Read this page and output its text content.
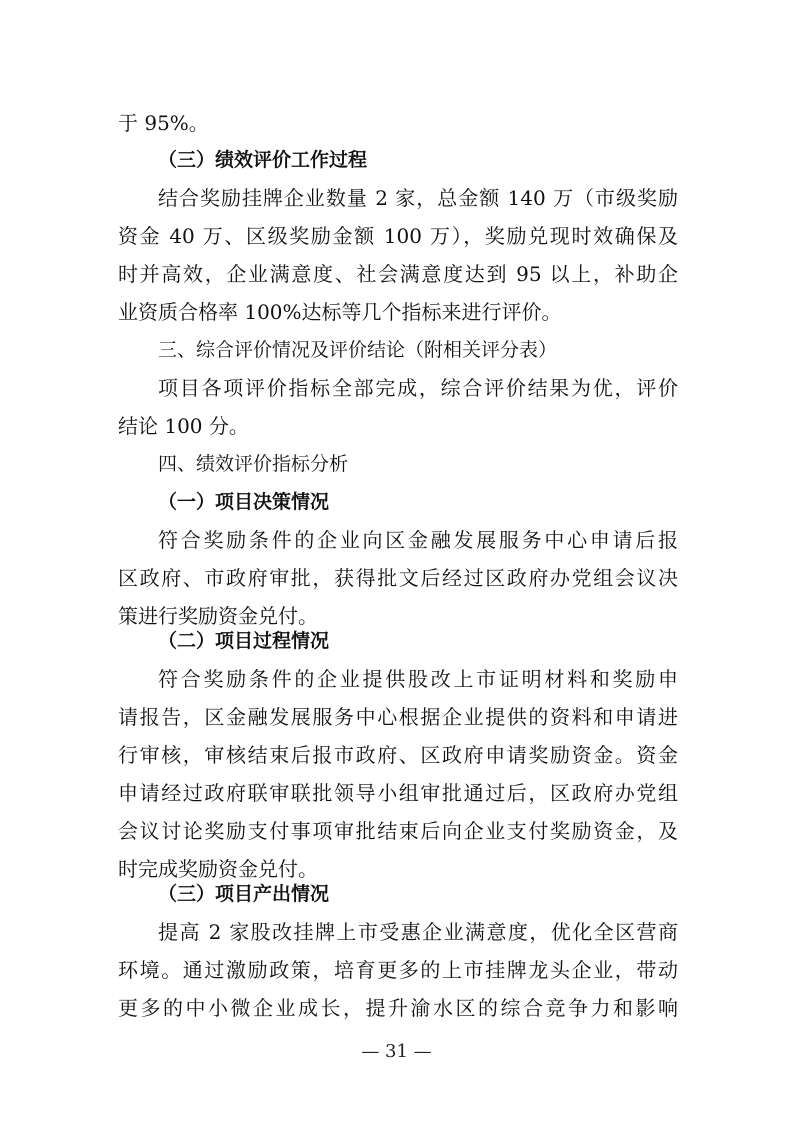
于 95%。
（三）绩效评价工作过程
结合奖励挂牌企业数量 2 家，总金额 140 万（市级奖励
资金 40 万、区级奖励金额 100 万），奖励兑现时效确保及
时并高效，企业满意度、社会满意度达到 95 以上，补助企
业资质合格率 100%达标等几个指标来进行评价。
三、综合评价情况及评价结论（附相关评分表）
项目各项评价指标全部完成，综合评价结果为优，评价
结论 100 分。
四、绩效评价指标分析
（一）项目决策情况
符合奖励条件的企业向区金融发展服务中心申请后报
区政府、市政府审批，获得批文后经过区政府办党组会议决
策进行奖励资金兑付。
（二）项目过程情况
符合奖励条件的企业提供股改上市证明材料和奖励申
请报告，区金融发展服务中心根据企业提供的资料和申请进
行审核，审核结束后报市政府、区政府申请奖励资金。资金
申请经过政府联审联批领导小组审批通过后，区政府办党组
会议讨论奖励支付事项审批结束后向企业支付奖励资金，及
时完成奖励资金兑付。
（三）项目产出情况
提高 2 家股改挂牌上市受惠企业满意度，优化全区营商
环境。通过激励政策，培育更多的上市挂牌龙头企业，带动
更多的中小微企业成长，提升渝水区的综合竞争力和影响
— 31 —
